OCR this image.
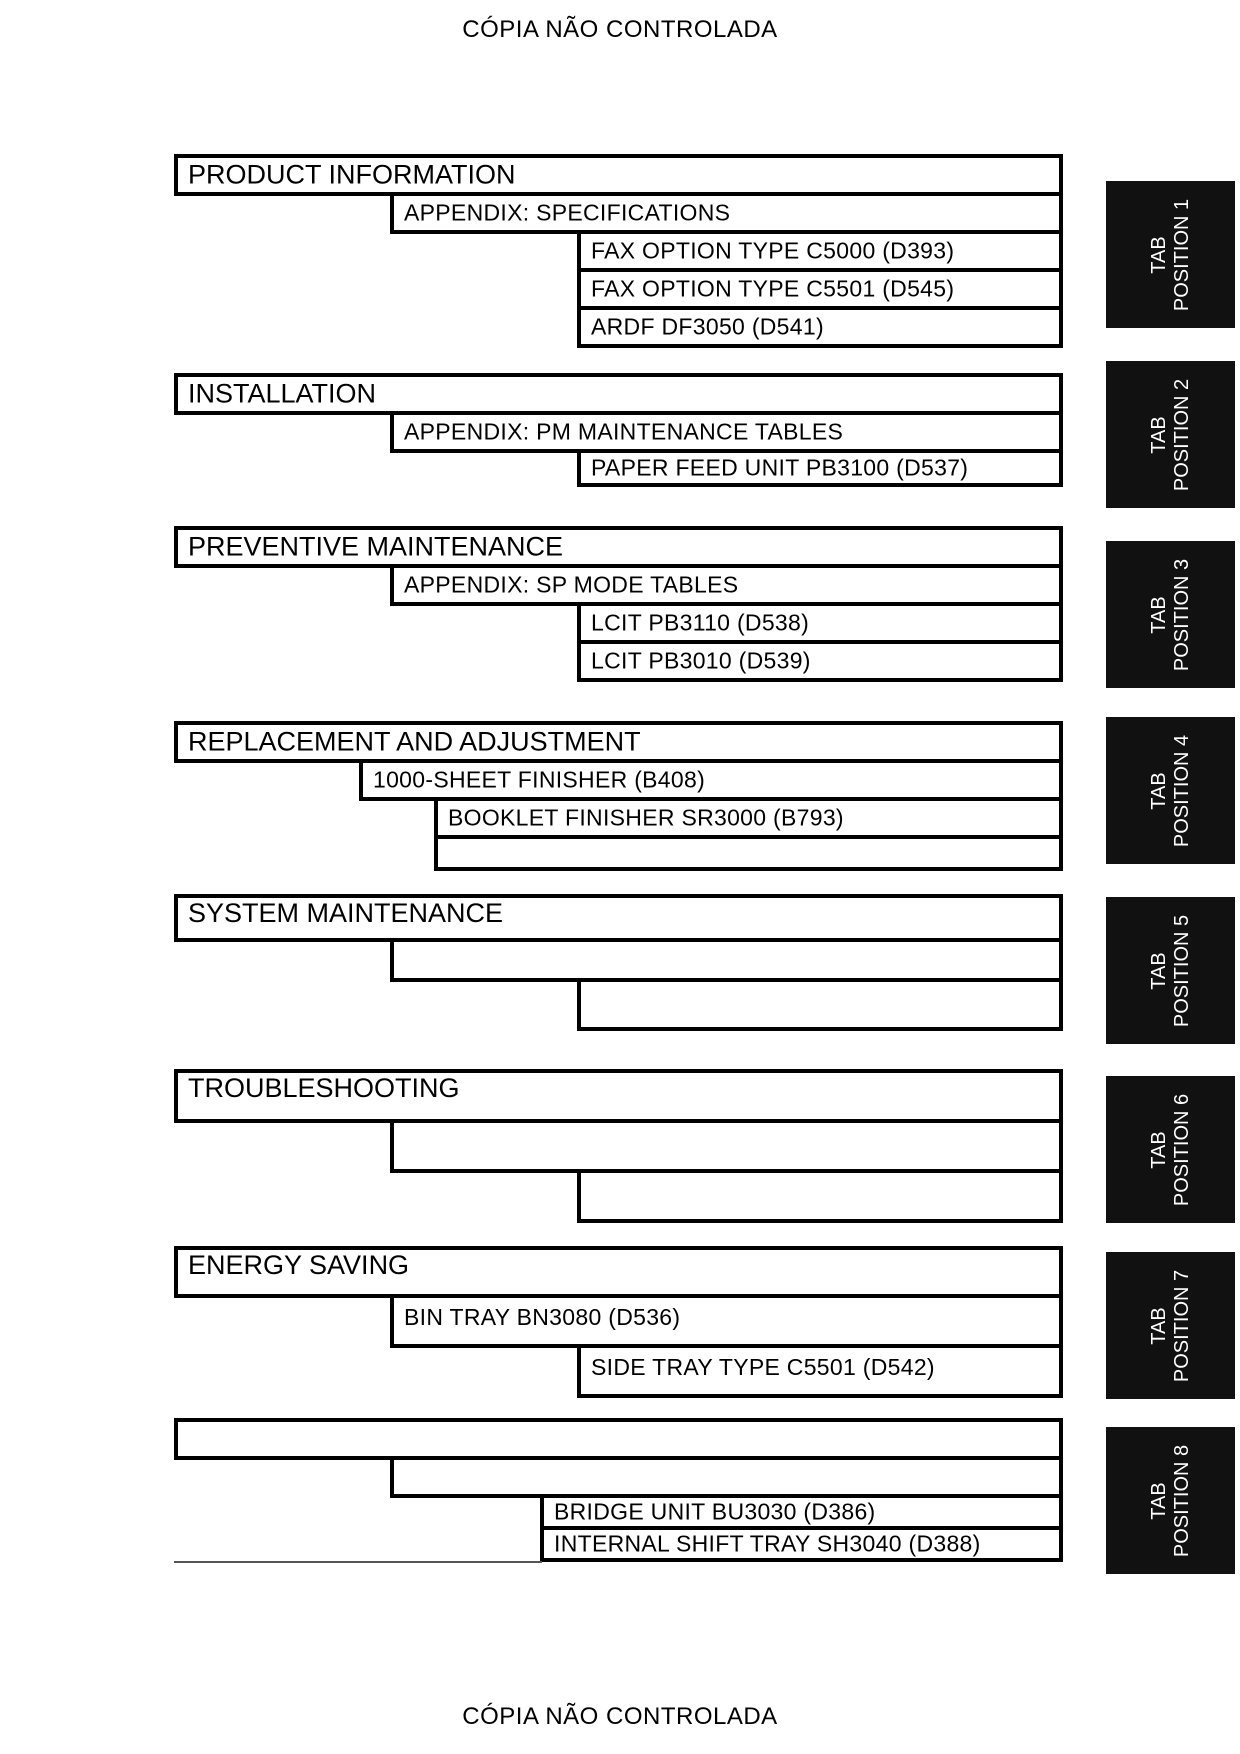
CÓPIA NÃO CONTROLADA
PRODUCT INFORMATION
APPENDIX: SPECIFICATIONS
FAX OPTION TYPE C5000 (D393)
FAX OPTION TYPE C5501 (D545)
ARDF DF3050 (D541)
INSTALLATION
APPENDIX: PM MAINTENANCE TABLES
PAPER FEED UNIT PB3100 (D537)
PREVENTIVE MAINTENANCE
APPENDIX: SP MODE TABLES
LCIT PB3110 (D538)
LCIT PB3010 (D539)
REPLACEMENT AND ADJUSTMENT
1000-SHEET FINISHER (B408)
BOOKLET FINISHER SR3000 (B793)
SYSTEM MAINTENANCE
TROUBLESHOOTING
ENERGY SAVING
BIN TRAY BN3080 (D536)
SIDE TRAY TYPE C5501 (D542)
BRIDGE UNIT BU3030 (D386)
INTERNAL SHIFT TRAY SH3040 (D388)
TAB POSITION 1
TAB POSITION 2
TAB POSITION 3
TAB POSITION 4
TAB POSITION 5
TAB POSITION 6
TAB POSITION 7
TAB POSITION 8
CÓPIA NÃO CONTROLADA
